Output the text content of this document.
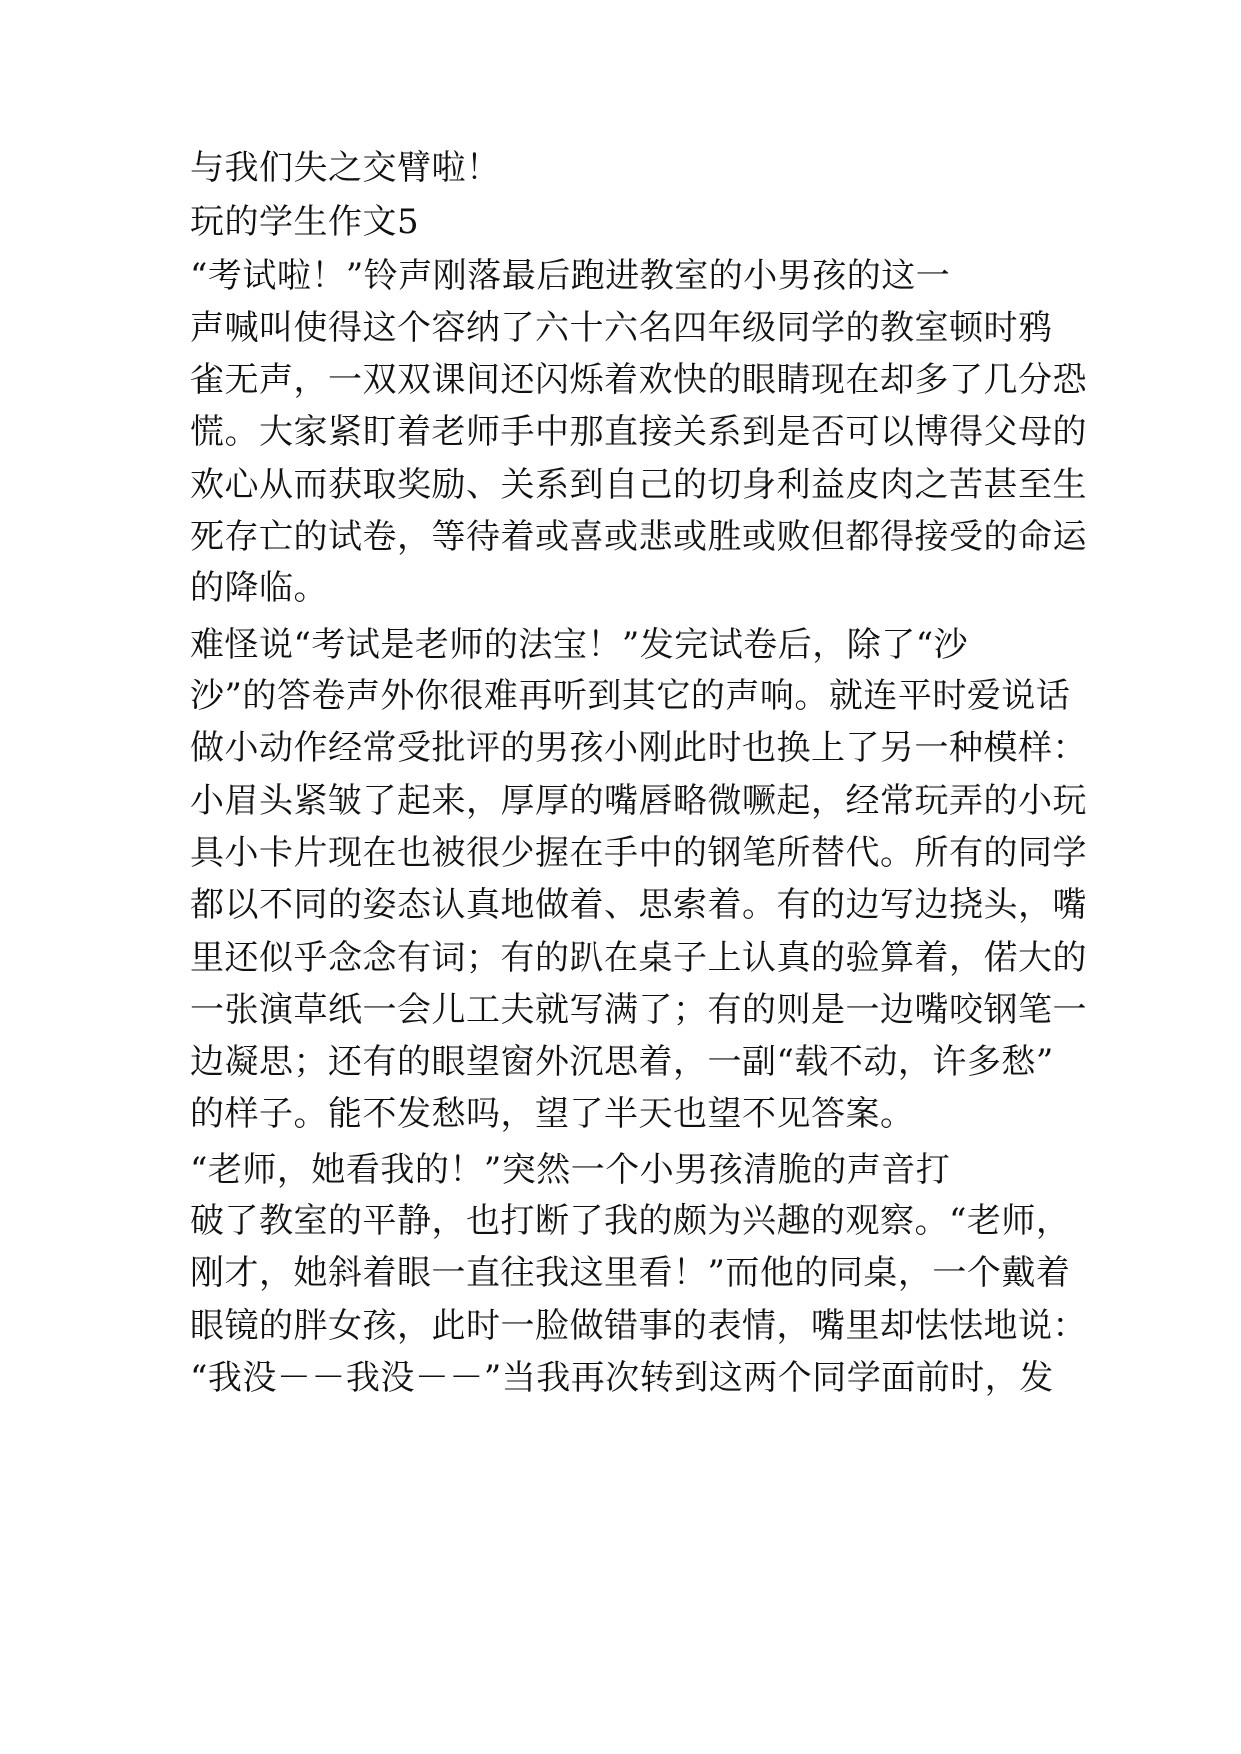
与我们失之交臂啦！
玩的学生作文5
“考试啦！”铃声刚落最后跑进教室的小男孩的这一
声喊叫使得这个容纳了六十六名四年级同学的教室顿时鸦
雀无声，一双双课间还闪烁着欢快的眼睛现在却多了几分恐
慌。大家紧盯着老师手中那直接关系到是否可以博得父母的
欢心从而获取奖励、关系到自己的切身利益皮肉之苦甚至生
死存亡的试卷，等待着或喜或悲或胜或败但都得接受的命运
的降临。
难怪说“考试是老师的法宝！”发完试卷后，除了“沙
沙”的答卷声外你很难再听到其它的声响。就连平时爱说话
做小动作经常受批评的男孩小刚此时也换上了另一种模样：
小眉头紧皱了起来，厚厚的嘴唇略微噘起，经常玩弄的小玩
具小卡片现在也被很少握在手中的钢笔所替代。所有的同学
都以不同的姿态认真地做着、思索着。有的边写边挠头，嘴
里还似乎念念有词；有的趴在桌子上认真的验算着，偌大的
一张演草纸一会儿工夫就写满了；有的则是一边嘴咬钢笔一
边凝思；还有的眼望窗外沉思着，一副“载不动，许多愁”
的样子。能不发愁吗，望了半天也望不见答案。
“老师，她看我的！”突然一个小男孩清脆的声音打
破了教室的平静，也打断了我的颇为兴趣的观察。“老师，
刚才，她斜着眼一直往我这里看！”而他的同桌，一个戴着
眼镜的胖女孩，此时一脸做错事的表情，嘴里却怯怯地说：
“我没－－我没－－”当我再次转到这两个同学面前时，发
